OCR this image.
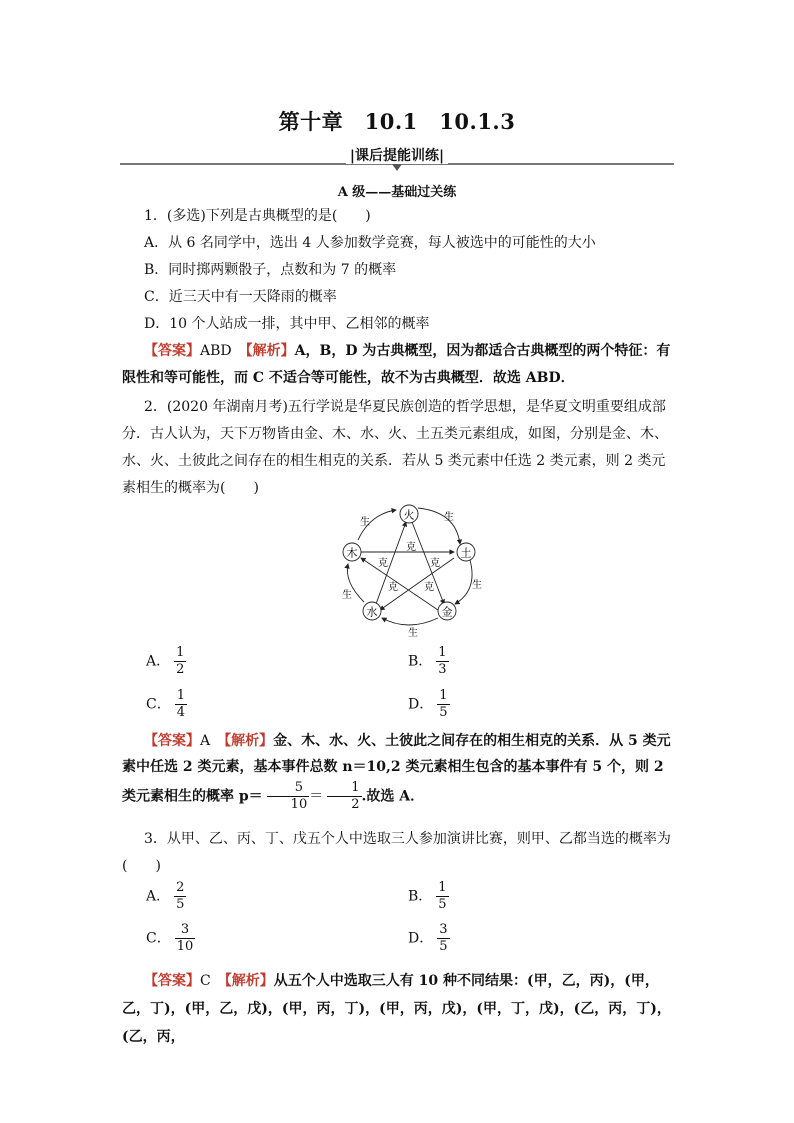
第十章　10.1　10.1.3
|课后提能训练|
A 级——基础过关练
1．(多选)下列是古典概型的是(　　)
A．从 6 名同学中，选出 4 人参加数学竞赛，每人被选中的可能性的大小
B．同时掷两颗骰子，点数和为 7 的概率
C．近三天中有一天降雨的概率
D．10 个人站成一排，其中甲、乙相邻的概率
【答案】ABD　【解析】A，B，D 为古典概型，因为都适合古典概型的两个特征：有限性和等可能性，而 C 不适合等可能性，故不为古典概型．故选 ABD．
2．(2020 年湖南月考)五行学说是华夏民族创造的哲学思想，是华夏文明重要组成部分．古人认为，天下万物皆由金、木、水、火、土五类元素组成，如图，分别是金、木、水、火、土彼此之间存在的相生相克的关系．若从 5 类元素中任选 2 类元素，则 2 类元素相生的概率为(　　)
火
土
金
水
木
生	生
生
生
生
克
克	克
克	克
A． $\frac{1}{2}$	B． $\frac{1}{3}$
C． $\frac{1}{4}$	D． $\frac{1}{5}$
【答案】A　【解析】金、木、水、火、土彼此之间存在的相生相克的关系．从 5 类元素中任选 2 类元素，基本事件总数 n＝10,2 类元素相生包含的基本事件有 5 个，则 2 类元素相生的概率 $p= \frac{5}{10} = \frac{1}{2}$ .故选 A．
3．从甲、乙、丙、丁、戊五个人中选取三人参加演讲比赛，则甲、乙都当选的概率为(　　)
A． $\frac{2}{5}$	B． $\frac{1}{5}$
C． $\frac{3}{10}$	D． $\frac{3}{5}$
【答案】C　【解析】从五个人中选取三人有 10 种不同结果：(甲，乙，丙)，(甲，乙，丁)，(甲，乙，戊)，(甲，丙，丁)，(甲，丙，戊)，(甲，丁，戊)，(乙，丙，丁)，(乙，丙，
